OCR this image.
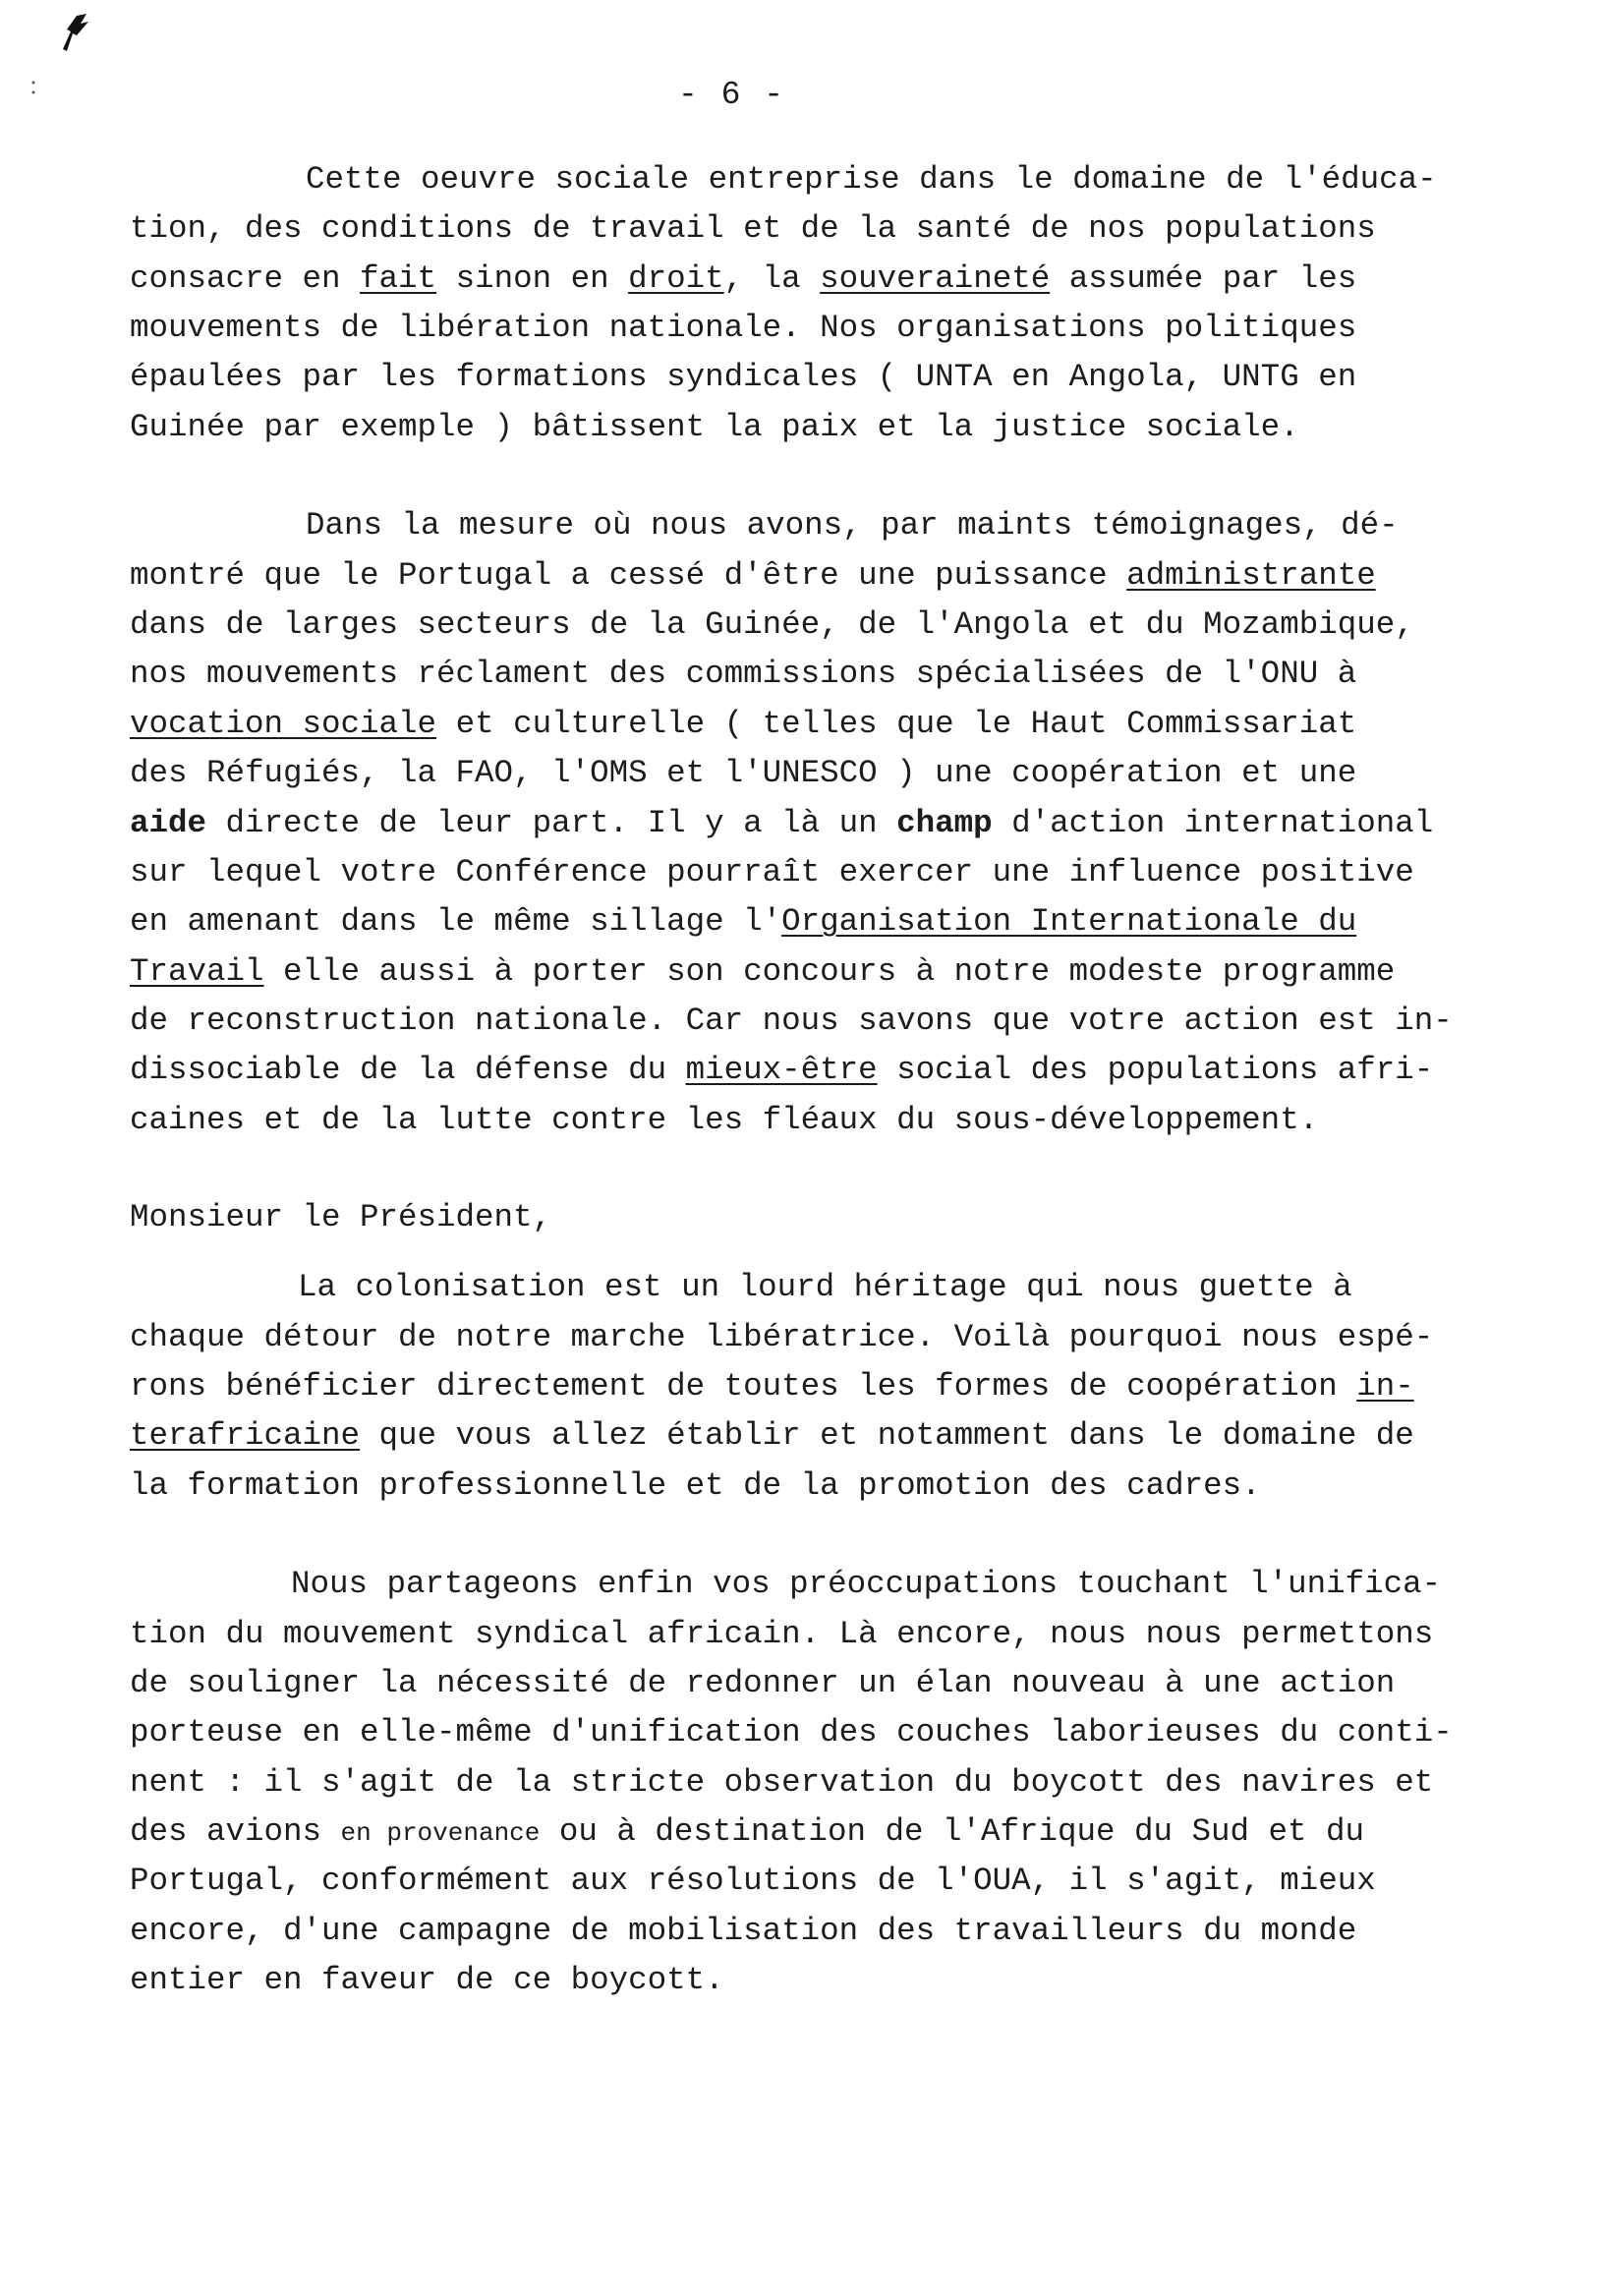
- 6 -
Cette oeuvre sociale entreprise dans le domaine de l'éduca-
tion, des conditions de travail et de la santé de nos populations
consacre en fait sinon en droit, la souveraineté assumée par les
mouvements de libération nationale. Nos organisations politiques
épaulées par les formations syndicales ( UNTA en Angola, UNTG en
Guinée par exemple ) bâtissent la paix et la justice sociale.
Dans la mesure où nous avons, par maints témoignages, dé-
montré que le Portugal a cessé d'être une puissance administrante
dans de larges secteurs de la Guinée, de l'Angola et du Mozambique,
nos mouvements réclament des commissions spécialisées de l'ONU à
vocation sociale et culturelle ( telles que le Haut Commissariat
des Réfugiés, la FAO, l'OMS et l'UNESCO ) une coopération et une
aide directe de leur part. Il y a là un champ d'action international
sur lequel votre Conférence pourraît exercer une influence positive
en amenant dans le même sillage l'Organisation Internationale du
Travail elle aussi à porter son concours à notre modeste programme
de reconstruction nationale. Car nous savons que votre action est in-
dissociable de la défense du mieux-être social des populations afri-
caines et de la lutte contre les fléaux du sous-développement.
Monsieur le Président,
La colonisation est un lourd héritage qui nous guette à
chaque détour de notre marche libératrice. Voilà pourquoi nous espé-
rons bénéficier directement de toutes les formes de coopération in-
terafricaine que vous allez établir et notamment dans le domaine de
la formation professionnelle et de la promotion des cadres.
Nous partageons enfin vos préoccupations touchant l'unifica-
tion du mouvement syndical africain. Là encore, nous nous permettons
de souligner la nécessité de redonner un élan nouveau à une action
porteuse en elle-même d'unification des couches laborieuses du conti-
nent : il s'agit de la stricte observation du boycott des navires et
des avions en provenance ou à destination de l'Afrique du Sud et du
Portugal, conformément aux résolutions de l'OUA, il s'agit, mieux
encore, d'une campagne de mobilisation des travailleurs du monde
entier en faveur de ce boycott.
